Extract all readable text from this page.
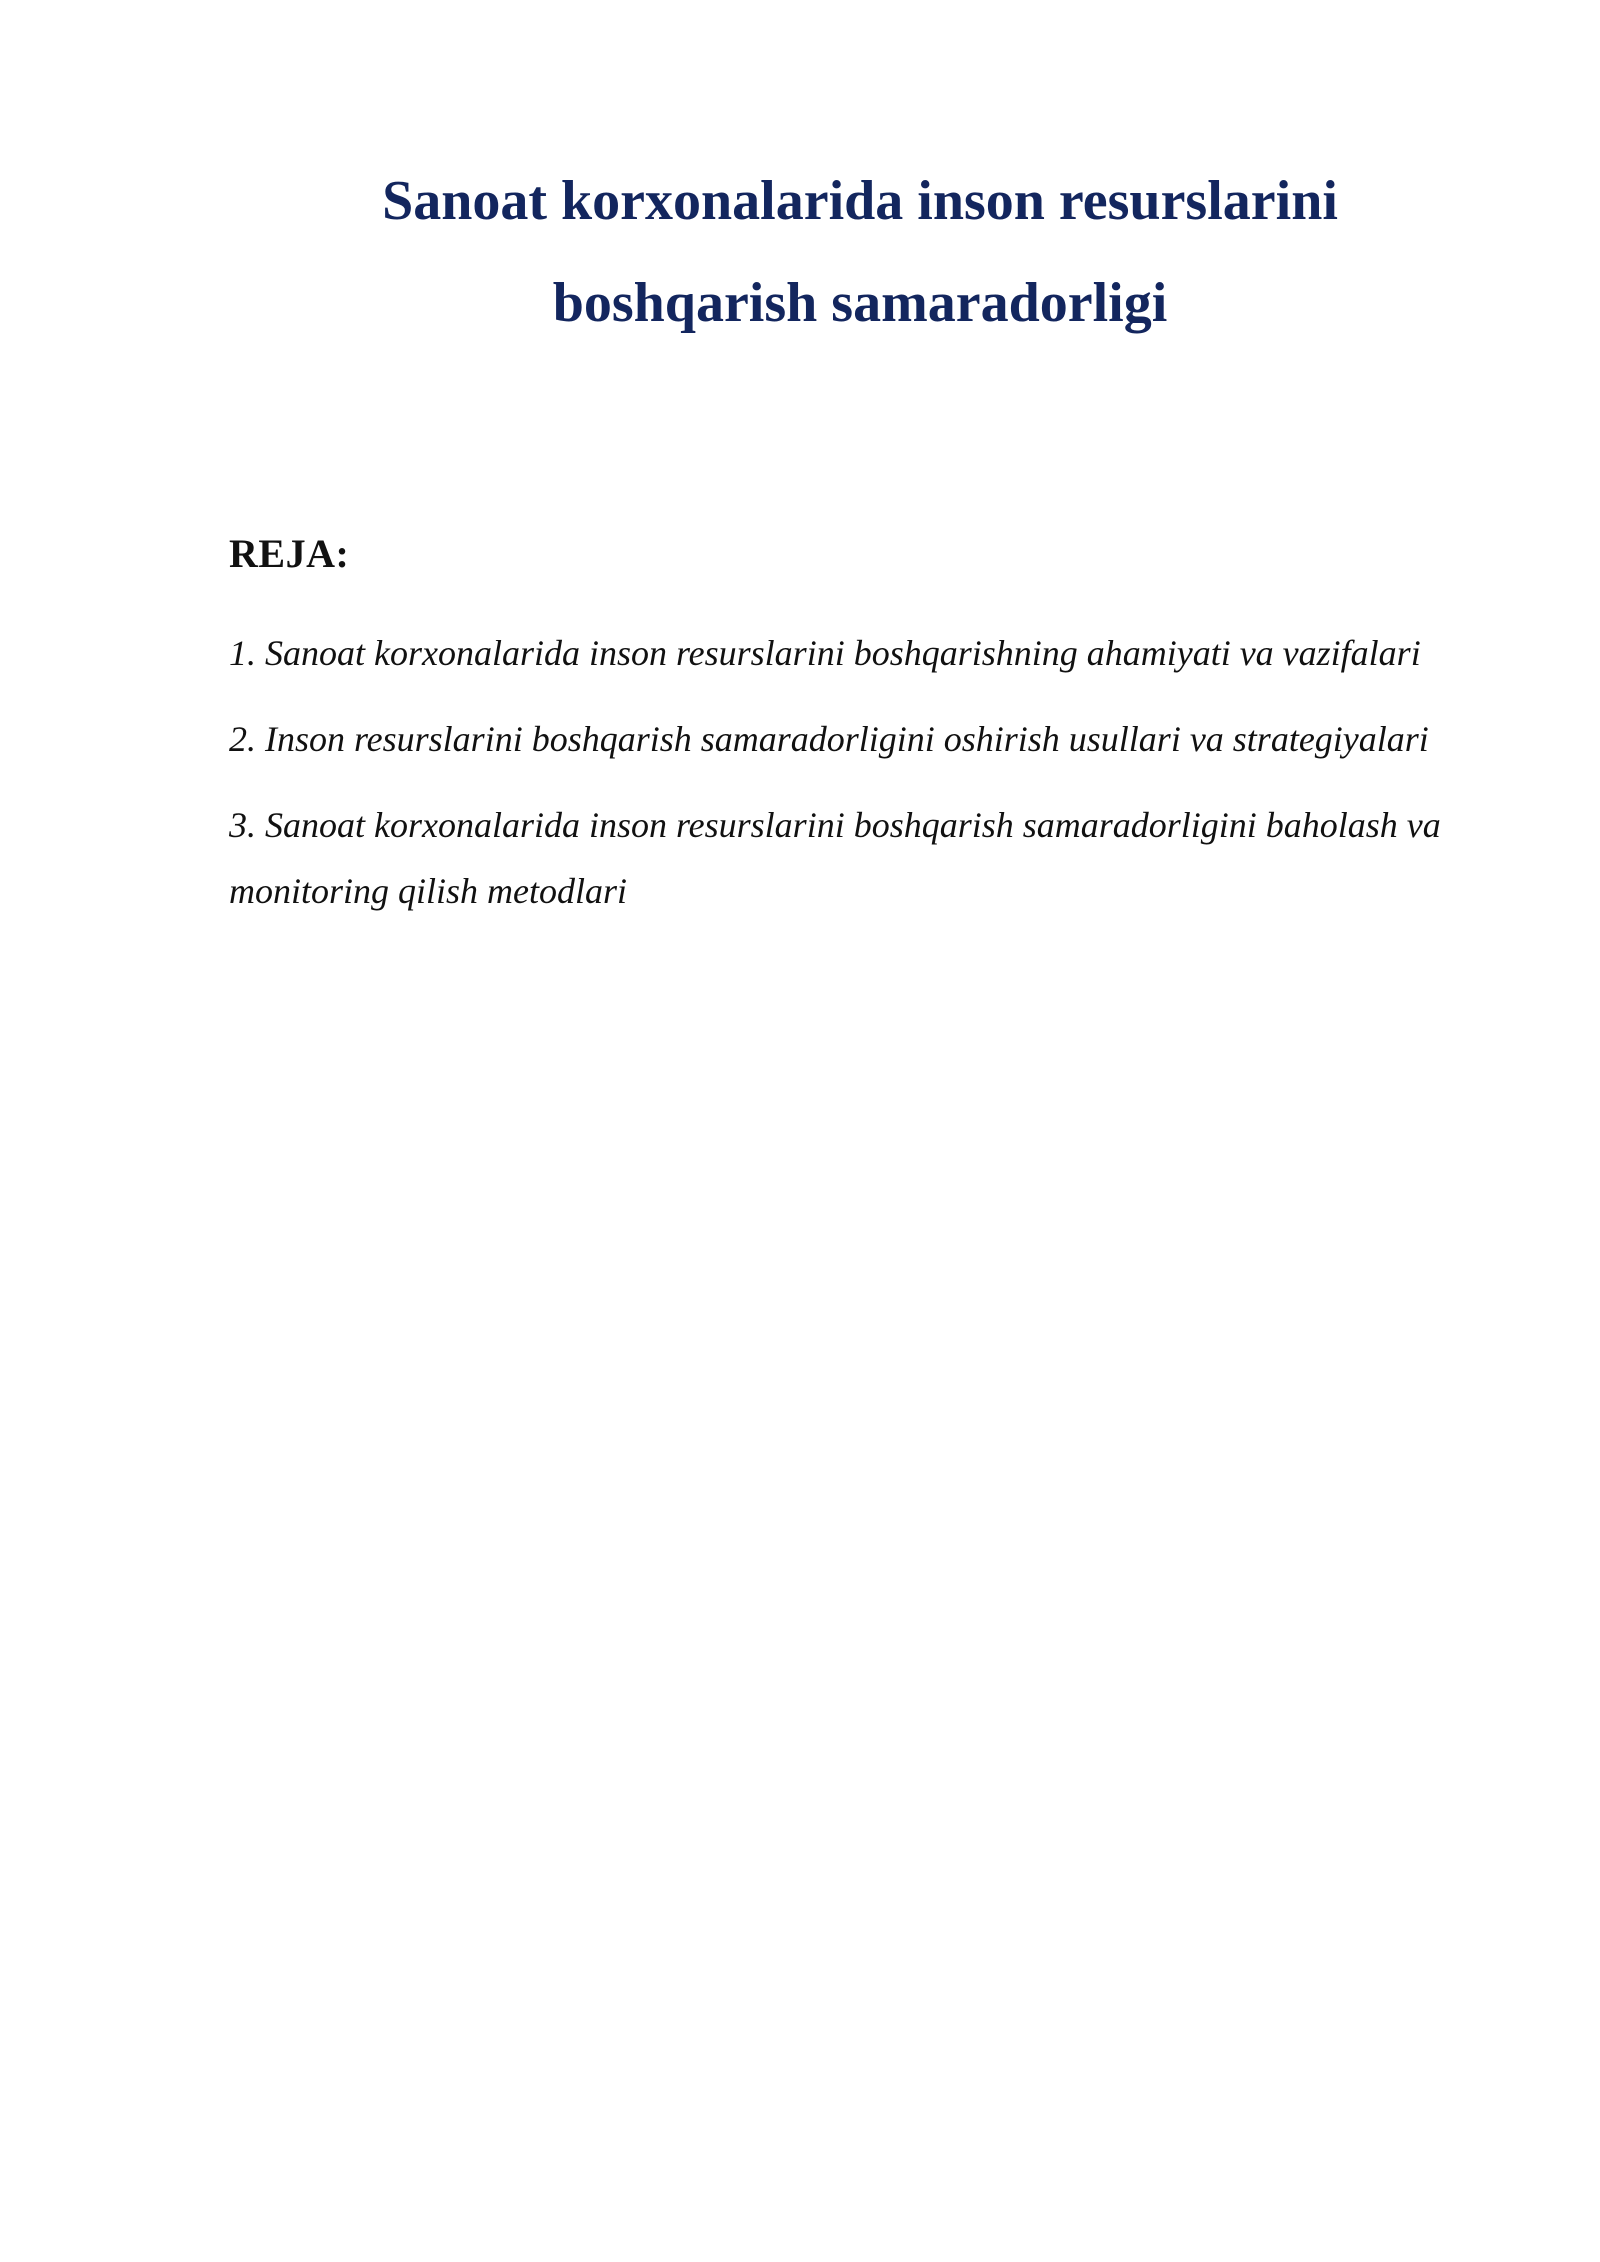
Sanoat korxonalarida inson resurslarini
boshqarish samaradorligi
REJA:
1. Sanoat korxonalarida inson resurslarini boshqarishning ahamiyati va vazifalari
2. Inson resurslarini boshqarish samaradorligini oshirish usullari va strategiyalari
3. Sanoat korxonalarida inson resurslarini boshqarish samaradorligini baholash va monitoring qilish metodlari
